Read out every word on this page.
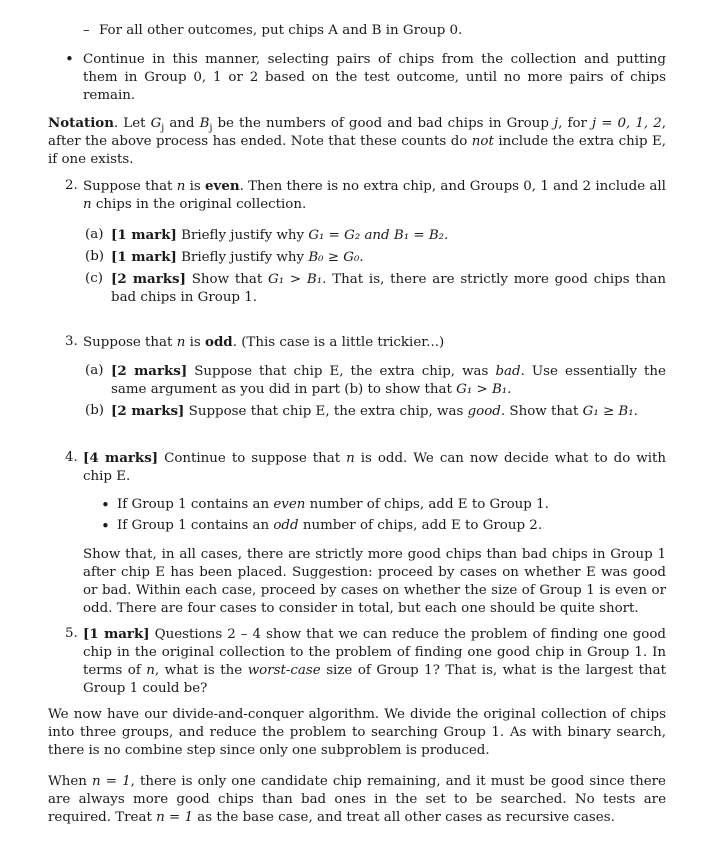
– For all other outcomes, put chips A and B in Group 0.

•

Continue in this manner, selecting pairs of chips from the collection and putting them in Group 0, 1 or 2 based on the test outcome, until no more pairs of chips remain.

Notation. Let $G_j$ and $B_j$ be the numbers of good and bad chips in Group j, for j = 0, 1, 2, after the above process has ended. Note that these counts do not include the extra chip E, if one exists.

2. Suppose that n is even. Then there is no extra chip, and Groups 0, 1 and 2 include all n chips in the original collection.

(a) [1 mark] Briefly justify why G₁ = G₂ and B₁ = B₂.
(b) [1 mark] Briefly justify why B₀ ≥ G₀.
(c) [2 marks] Show that G₁ > B₁. That is, there are strictly more good chips than bad chips in Group 1.
3. Suppose that n is odd. (This case is a little trickier...)

(a) [2 marks] Suppose that chip E, the extra chip, was bad. Use essentially the same argument as you did in part (b) to show that G₁ > B₁.
(b) [2 marks] Suppose that chip E, the extra chip, was good. Show that G₁ ≥ B₁.
4. [4 marks] Continue to suppose that n is odd. We can now decide what to do with chip E.

• If Group 1 contains an even number of chips, add E to Group 1.
• If Group 1 contains an odd number of chips, add E to Group 2.

Show that, in all cases, there are strictly more good chips than bad chips in Group 1 after chip E has been placed. Suggestion: proceed by cases on whether E was good or bad. Within each case, proceed by cases on whether the size of Group 1 is even or odd. There are four cases to consider in total, but each one should be quite short.

5. [1 mark] Questions 2 – 4 show that we can reduce the problem of finding one good chip in the original collection to the problem of finding one good chip in Group 1. In terms of n, what is the worst-case size of Group 1? That is, what is the largest that Group 1 could be?

We now have our divide-and-conquer algorithm. We divide the original collection of chips into three groups, and reduce the problem to searching Group 1. As with binary search, there is no combine step since only one subproblem is produced.

When n = 1, there is only one candidate chip remaining, and it must be good since there are always more good chips than bad ones in the set to be searched. No tests are required. Treat n = 1 as the base case, and treat all other cases as recursive cases.
